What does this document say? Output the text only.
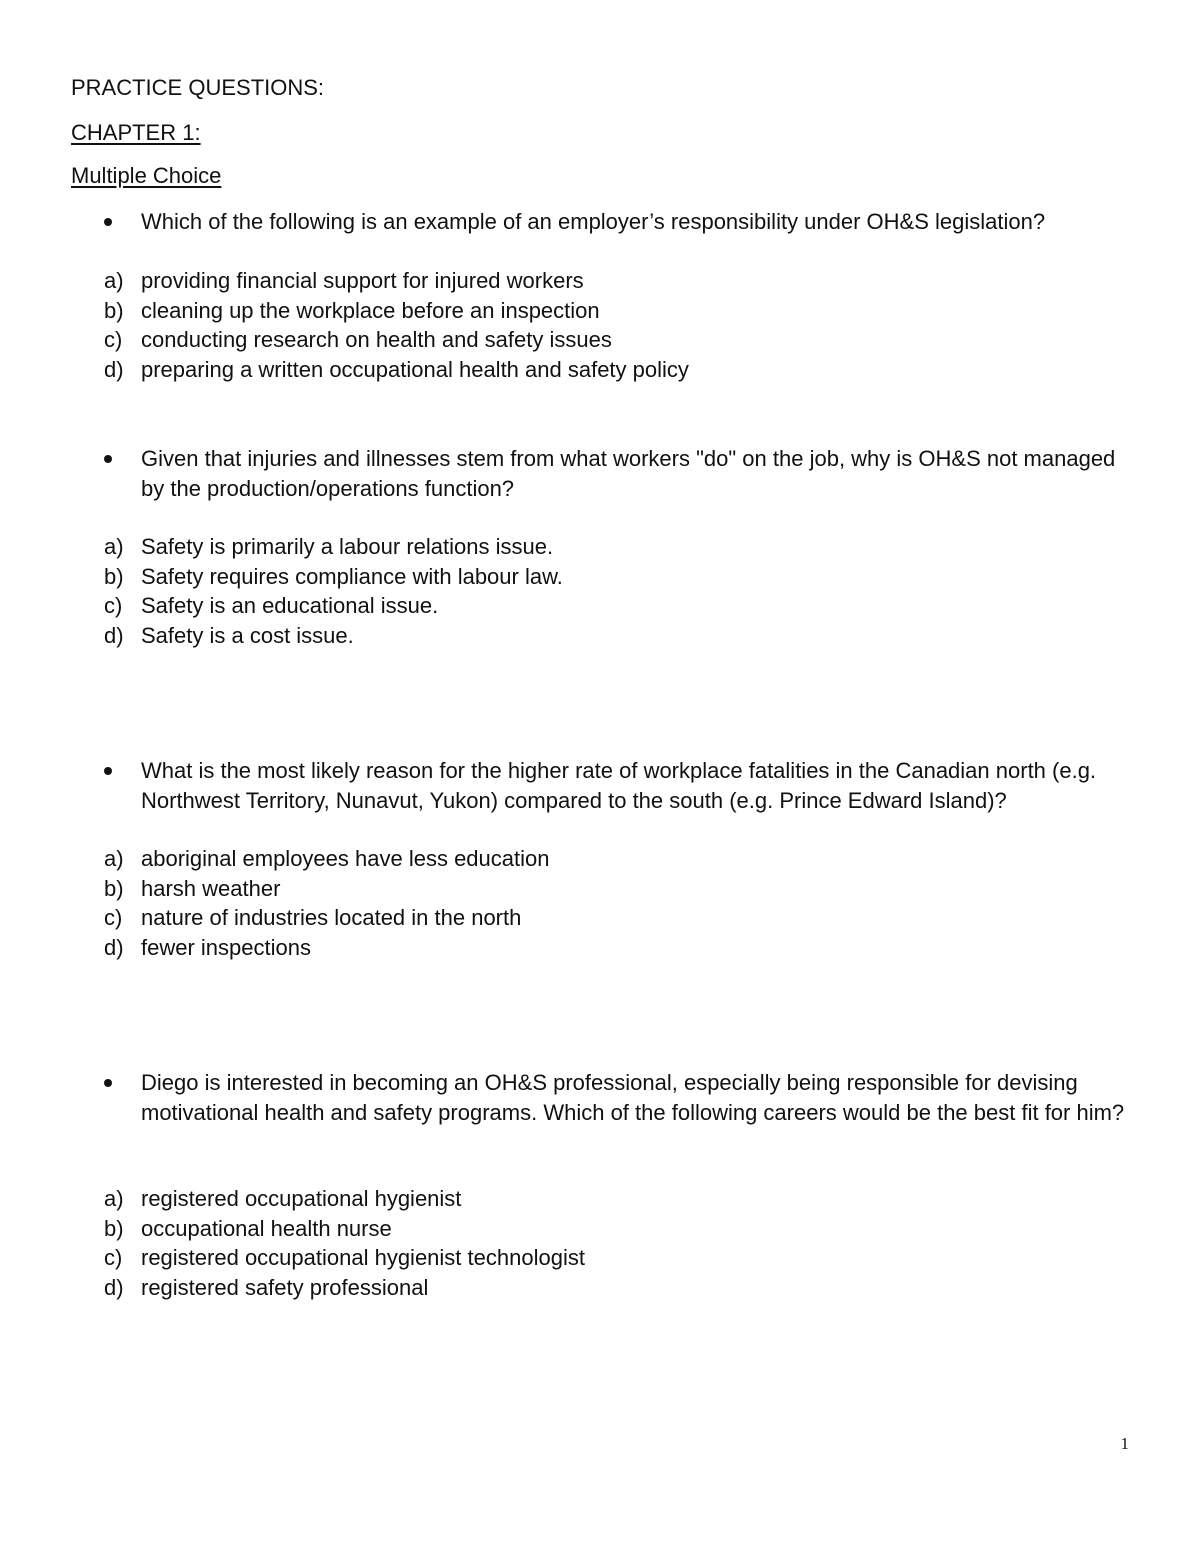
PRACTICE QUESTIONS:
CHAPTER 1:
Multiple Choice
Which of the following is an example of an employer’s responsibility under OH&S legislation?
a) providing financial support for injured workers
b) cleaning up the workplace before an inspection
c) conducting research on health and safety issues
d) preparing a written occupational health and safety policy
Given that injuries and illnesses stem from what workers "do" on the job, why is OH&S not managed by the production/operations function?
a) Safety is primarily a labour relations issue.
b) Safety requires compliance with labour law.
c) Safety is an educational issue.
d) Safety is a cost issue.
What is the most likely reason for the higher rate of workplace fatalities in the Canadian north (e.g. Northwest Territory, Nunavut, Yukon) compared to the south (e.g. Prince Edward Island)?
a) aboriginal employees have less education
b) harsh weather
c) nature of industries located in the north
d) fewer inspections
Diego is interested in becoming an OH&S professional, especially being responsible for devising motivational health and safety programs. Which of the following careers would be the best fit for him?
a) registered occupational hygienist
b) occupational health nurse
c) registered occupational hygienist technologist
d) registered safety professional
1
